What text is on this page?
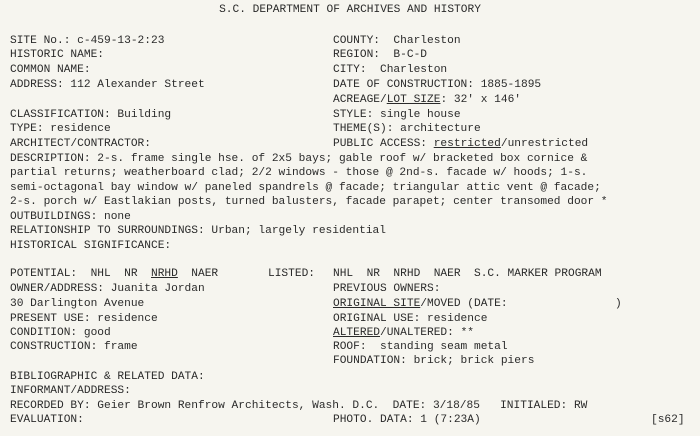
S.C. DEPARTMENT OF ARCHIVES AND HISTORY
SITE No.: c-459-13-2:23	COUNTY:  Charleston
HISTORIC NAME:	REGION:  B-C-D
COMMON NAME:	CITY:  Charleston
ADDRESS: 112 Alexander Street	DATE OF CONSTRUCTION: 1885-1895
ACREAGE/LOT SIZE: 32' x 146'
CLASSIFICATION: Building	STYLE: single house
TYPE: residence	THEME(S): architecture
ARCHITECT/CONTRACTOR:	PUBLIC ACCESS: restricted/unrestricted
DESCRIPTION: 2-s. frame single hse. of 2x5 bays; gable roof w/ bracketed box cornice &
partial returns; weatherboard clad; 2/2 windows - those @ 2nd-s. facade w/ hoods; 1-s.
semi-octagonal bay window w/ paneled spandrels @ facade; triangular attic vent @ facade;
2-s. porch w/ Eastlakian posts, turned balusters, facade parapet; center transomed door *
OUTBUILDINGS: none
RELATIONSHIP TO SURROUNDINGS: Urban; largely residential
HISTORICAL SIGNIFICANCE:
POTENTIAL:  NHL  NR  NRHD  NAER	LISTED: NHL  NR  NRHD  NAER  S.C. MARKER PROGRAM
OWNER/ADDRESS: Juanita Jordan	PREVIOUS OWNERS:
30 Darlington Avenue	ORIGINAL SITE/MOVED (DATE:                )
PRESENT USE: residence	ORIGINAL USE: residence
CONDITION: good	ALTERED/UNALTERED: **
CONSTRUCTION: frame	ROOF:  standing seam metal
FOUNDATION: brick; brick piers
BIBLIOGRAPHIC & RELATED DATA:
INFORMANT/ADDRESS:
RECORDED BY: Geier Brown Renfrow Architects, Wash. D.C.  DATE: 3/18/85   INITIALED: RW
EVALUATION:	PHOTO. DATA: 1 (7:23A)	[s62]
